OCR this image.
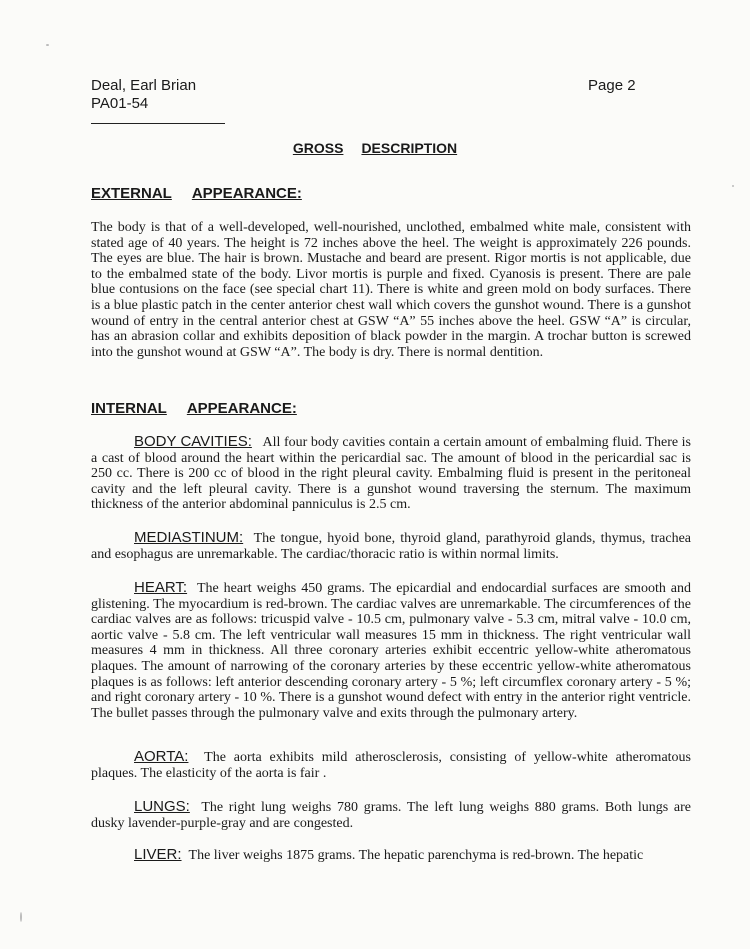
Deal, Earl Brian
PA01-54
Page 2
GROSS DESCRIPTION
EXTERNAL APPEARANCE:
The body is that of a well-developed, well-nourished, unclothed, embalmed white male, consistent with stated age of 40 years. The height is 72 inches above the heel. The weight is approximately 226 pounds. The eyes are blue. The hair is brown. Mustache and beard are present. Rigor mortis is not applicable, due to the embalmed state of the body. Livor mortis is purple and fixed. Cyanosis is present. There are pale blue contusions on the face (see special chart 11). There is white and green mold on body surfaces. There is a blue plastic patch in the center anterior chest wall which covers the gunshot wound. There is a gunshot wound of entry in the central anterior chest at GSW “A” 55 inches above the heel. GSW “A” is circular, has an abrasion collar and exhibits deposition of black powder in the margin. A trochar button is screwed into the gunshot wound at GSW “A”. The body is dry. There is normal dentition.
INTERNAL APPEARANCE:
BODY CAVITIES: All four body cavities contain a certain amount of embalming fluid. There is a cast of blood around the heart within the pericardial sac. The amount of blood in the pericardial sac is 250 cc. There is 200 cc of blood in the right pleural cavity. Embalming fluid is present in the peritoneal cavity and the left pleural cavity. There is a gunshot wound traversing the sternum. The maximum thickness of the anterior abdominal panniculus is 2.5 cm.
MEDIASTINUM: The tongue, hyoid bone, thyroid gland, parathyroid glands, thymus, trachea and esophagus are unremarkable. The cardiac/thoracic ratio is within normal limits.
HEART: The heart weighs 450 grams. The epicardial and endocardial surfaces are smooth and glistening. The myocardium is red-brown. The cardiac valves are unremarkable. The circumferences of the cardiac valves are as follows: tricuspid valve - 10.5 cm, pulmonary valve - 5.3 cm, mitral valve - 10.0 cm, aortic valve - 5.8 cm. The left ventricular wall measures 15 mm in thickness. The right ventricular wall measures 4 mm in thickness. All three coronary arteries exhibit eccentric yellow-white atheromatous plaques. The amount of narrowing of the coronary arteries by these eccentric yellow-white atheromatous plaques is as follows: left anterior descending coronary artery - 5 %; left circumflex coronary artery - 5 %; and right coronary artery - 10 %. There is a gunshot wound defect with entry in the anterior right ventricle. The bullet passes through the pulmonary valve and exits through the pulmonary artery.
AORTA: The aorta exhibits mild atherosclerosis, consisting of yellow-white atheromatous plaques. The elasticity of the aorta is fair .
LUNGS: The right lung weighs 780 grams. The left lung weighs 880 grams. Both lungs are dusky lavender-purple-gray and are congested.
LIVER: The liver weighs 1875 grams. The hepatic parenchyma is red-brown. The hepatic
